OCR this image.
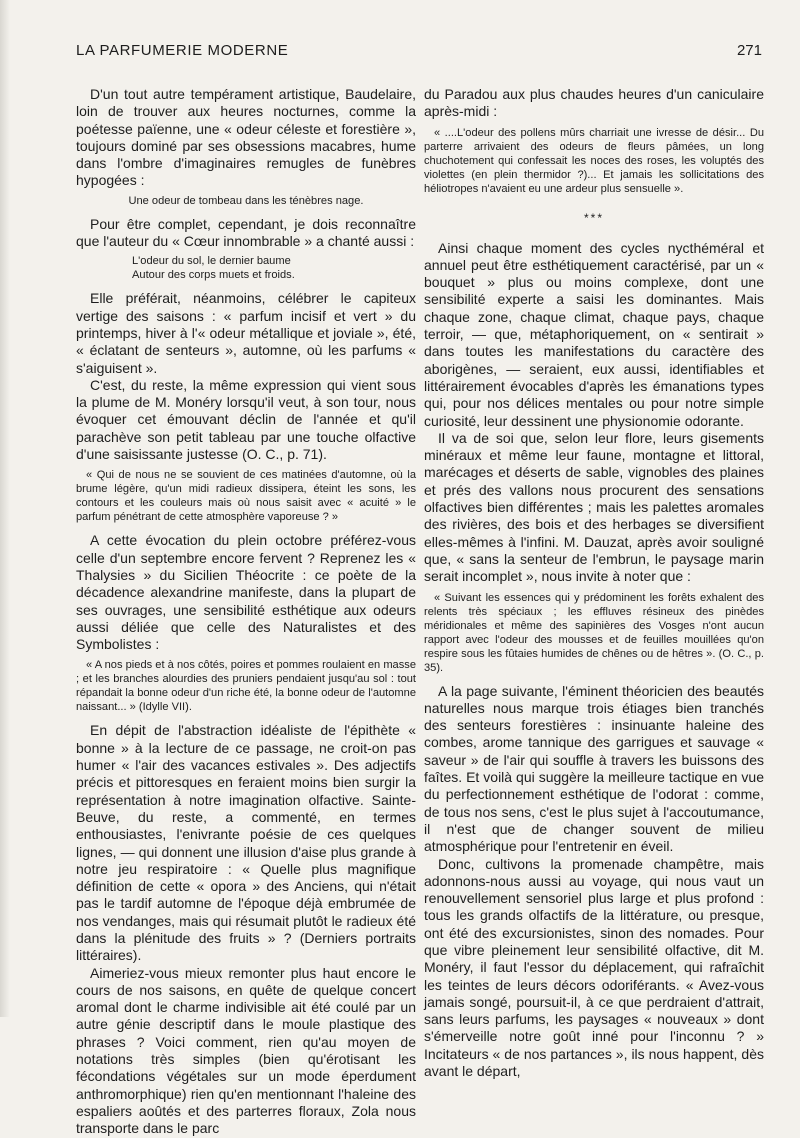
LA PARFUMERIE MODERNE	271

D'un tout autre tempérament artistique, Baudelaire, loin de trouver aux heures nocturnes, comme la poétesse païenne, une « odeur céleste et forestière », toujours dominé par ses obsessions macabres, hume dans l'ombre d'imaginaires remugles de funèbres hypogées :

Une odeur de tombeau dans les ténèbres nage.

Pour être complet, cependant, je dois reconnaître que l'auteur du « Cœur innombrable » a chanté aussi :

L'odeur du sol, le dernier baume
Autour des corps muets et froids.

Elle préférait, néanmoins, célébrer le capiteux vertige des saisons : « parfum incisif et vert » du printemps, hiver à l'« odeur métallique et joviale », été, « éclatant de senteurs », automne, où les parfums « s'aiguisent ».

C'est, du reste, la même expression qui vient sous la plume de M. Monéry lorsqu'il veut, à son tour, nous évoquer cet émouvant déclin de l'année et qu'il parachève son petit tableau par une touche olfactive d'une saisissante justesse (O. C., p. 71).

« Qui de nous ne se souvient de ces matinées d'automne, où la brume légère, qu'un midi radieux dissipera, éteint les sons, les contours et les couleurs mais où nous saisit avec « acuité » le parfum pénétrant de cette atmosphère vaporeuse ? »

A cette évocation du plein octobre préférez-vous celle d'un septembre encore fervent ? Reprenez les « Thalysies » du Sicilien Théocrite : ce poète de la décadence alexandrine manifeste, dans la plupart de ses ouvrages, une sensibilité esthétique aux odeurs aussi déliée que celle des Naturalistes et des Symbolistes :

« A nos pieds et à nos côtés, poires et pommes roulaient en masse ; et les branches alourdies des pruniers pendaient jusqu'au sol : tout répandait la bonne odeur d'un riche été, la bonne odeur de l'automne naissant... » (Idylle VII).

En dépit de l'abstraction idéaliste de l'épithète « bonne » à la lecture de ce passage, ne croit-on pas humer « l'air des vacances estivales ». Des adjectifs précis et pittoresques en feraient moins bien surgir la représentation à notre imagination olfactive. Sainte-Beuve, du reste, a commenté, en termes enthousiastes, l'enivrante poésie de ces quelques lignes, — qui donnent une illusion d'aise plus grande à notre jeu respiratoire : « Quelle plus magnifique définition de cette « opora » des Anciens, qui n'était pas le tardif automne de l'époque déjà embrumée de nos vendanges, mais qui résumait plutôt le radieux été dans la plénitude des fruits » ? (Derniers portraits littéraires).

Aimeriez-vous mieux remonter plus haut encore le cours de nos saisons, en quête de quelque concert aromal dont le charme indivisible ait été coulé par un autre génie descriptif dans le moule plastique des phrases ? Voici comment, rien qu'au moyen de notations très simples (bien qu'érotisant les fécondations végétales sur un mode éperdument anthromorphique) rien qu'en mentionnant l'haleine des espaliers aoûtés et des parterres floraux, Zola nous transporte dans le parc

du Paradou aux plus chaudes heures d'un caniculaire après-midi :

« ....L'odeur des pollens mûrs charriait une ivresse de désir... Du parterre arrivaient des odeurs de fleurs pâmées, un long chuchotement qui confessait les noces des roses, les voluptés des violettes (en plein thermidor ?)... Et jamais les sollicitations des héliotropes n'avaient eu une ardeur plus sensuelle ».
***

Ainsi chaque moment des cycles nycthéméral et annuel peut être esthétiquement caractérisé, par un « bouquet » plus ou moins complexe, dont une sensibilité experte a saisi les dominantes. Mais chaque zone, chaque climat, chaque pays, chaque terroir, — que, métaphoriquement, on « sentirait » dans toutes les manifestations du caractère des aborigènes, — seraient, eux aussi, identifiables et littérairement évocables d'après les émanations types qui, pour nos délices mentales ou pour notre simple curiosité, leur dessinent une physionomie odorante.

Il va de soi que, selon leur flore, leurs gisements minéraux et même leur faune, montagne et littoral, marécages et déserts de sable, vignobles des plaines et prés des vallons nous procurent des sensations olfactives bien différentes ; mais les palettes aromales des rivières, des bois et des herbages se diversifient elles-mêmes à l'infini. M. Dauzat, après avoir souligné que, « sans la senteur de l'embrun, le paysage marin serait incomplet », nous invite à noter que :

« Suivant les essences qui y prédominent les forêts exhalent des relents très spéciaux ; les effluves résineux des pinèdes méridionales et même des sapinières des Vosges n'ont aucun rapport avec l'odeur des mousses et de feuilles mouillées qu'on respire sous les fûtaies humides de chênes ou de hêtres ». (O. C., p. 35).

A la page suivante, l'éminent théoricien des beautés naturelles nous marque trois étiages bien tranchés des senteurs forestières : insinuante haleine des combes, arome tannique des garrigues et sauvage « saveur » de l'air qui souffle à travers les buissons des faîtes. Et voilà qui suggère la meilleure tactique en vue du perfectionnement esthétique de l'odorat : comme, de tous nos sens, c'est le plus sujet à l'accoutumance, il n'est que de changer souvent de milieu atmosphérique pour l'entretenir en éveil.

Donc, cultivons la promenade champêtre, mais adonnons-nous aussi au voyage, qui nous vaut un renouvellement sensoriel plus large et plus profond : tous les grands olfactifs de la littérature, ou presque, ont été des excursionistes, sinon des nomades. Pour que vibre pleinement leur sensibilité olfactive, dit M. Monéry, il faut l'essor du déplacement, qui rafraîchit les teintes de leurs décors odoriférants. « Avez-vous jamais songé, poursuit-il, à ce que perdraient d'attrait, sans leurs parfums, les paysages « nouveaux » dont s'émerveille notre goût inné pour l'inconnu ? » Incitateurs « de nos partances », ils nous happent, dès avant le départ,
